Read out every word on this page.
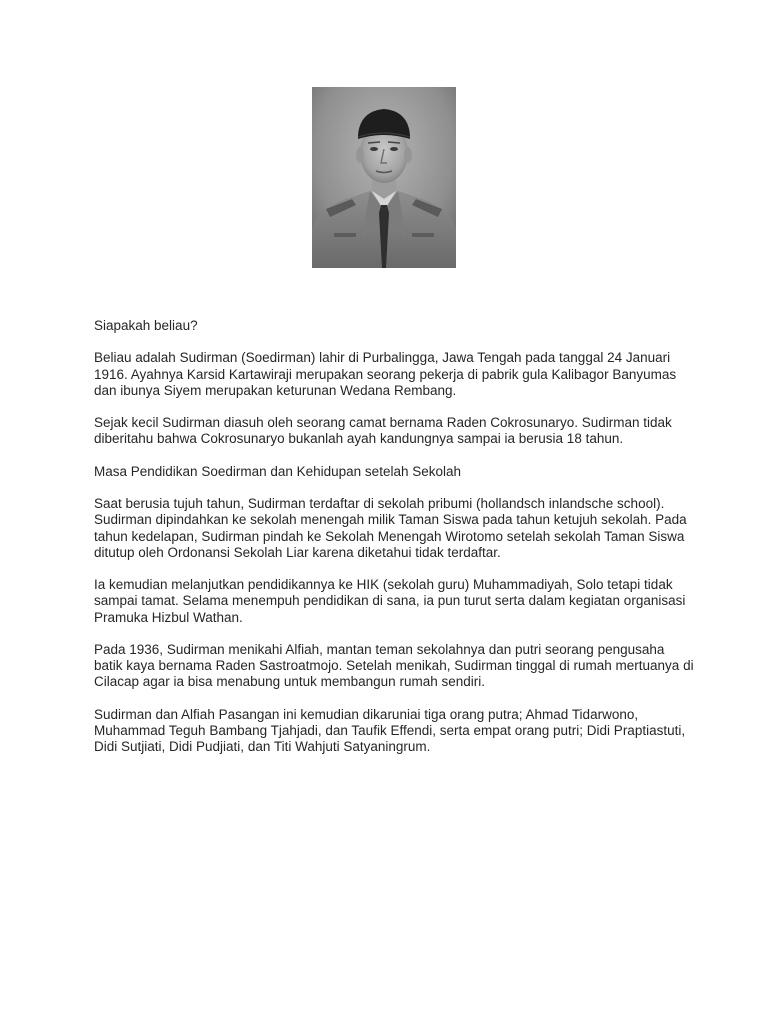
Siapakah beliau?

Beliau adalah Sudirman (Soedirman) lahir di Purbalingga, Jawa Tengah pada tanggal 24 Januari 1916. Ayahnya Karsid Kartawiraji merupakan seorang pekerja di pabrik gula Kalibagor Banyumas dan ibunya Siyem merupakan keturunan Wedana Rembang.

Sejak kecil Sudirman diasuh oleh seorang camat bernama Raden Cokrosunaryo. Sudirman tidak diberitahu bahwa Cokrosunaryo bukanlah ayah kandungnya sampai ia berusia 18 tahun.

Masa Pendidikan Soedirman dan Kehidupan setelah Sekolah

Saat berusia tujuh tahun, Sudirman terdaftar di sekolah pribumi (hollandsch inlandsche school). Sudirman dipindahkan ke sekolah menengah milik Taman Siswa pada tahun ketujuh sekolah. Pada tahun kedelapan, Sudirman pindah ke Sekolah Menengah Wirotomo setelah sekolah Taman Siswa ditutup oleh Ordonansi Sekolah Liar karena diketahui tidak terdaftar.

Ia kemudian melanjutkan pendidikannya ke HIK (sekolah guru) Muhammadiyah, Solo tetapi tidak sampai tamat. Selama menempuh pendidikan di sana, ia pun turut serta dalam kegiatan organisasi Pramuka Hizbul Wathan.

Pada 1936, Sudirman menikahi Alfiah, mantan teman sekolahnya dan putri seorang pengusaha batik kaya bernama Raden Sastroatmojo. Setelah menikah, Sudirman tinggal di rumah mertuanya di Cilacap agar ia bisa menabung untuk membangun rumah sendiri.

Sudirman dan Alfiah Pasangan ini kemudian dikaruniai tiga orang putra; Ahmad Tidarwono, Muhammad Teguh Bambang Tjahjadi, dan Taufik Effendi, serta empat orang putri; Didi Praptiastuti, Didi Sutjiati, Didi Pudjiati, dan Titi Wahjuti Satyaningrum.
